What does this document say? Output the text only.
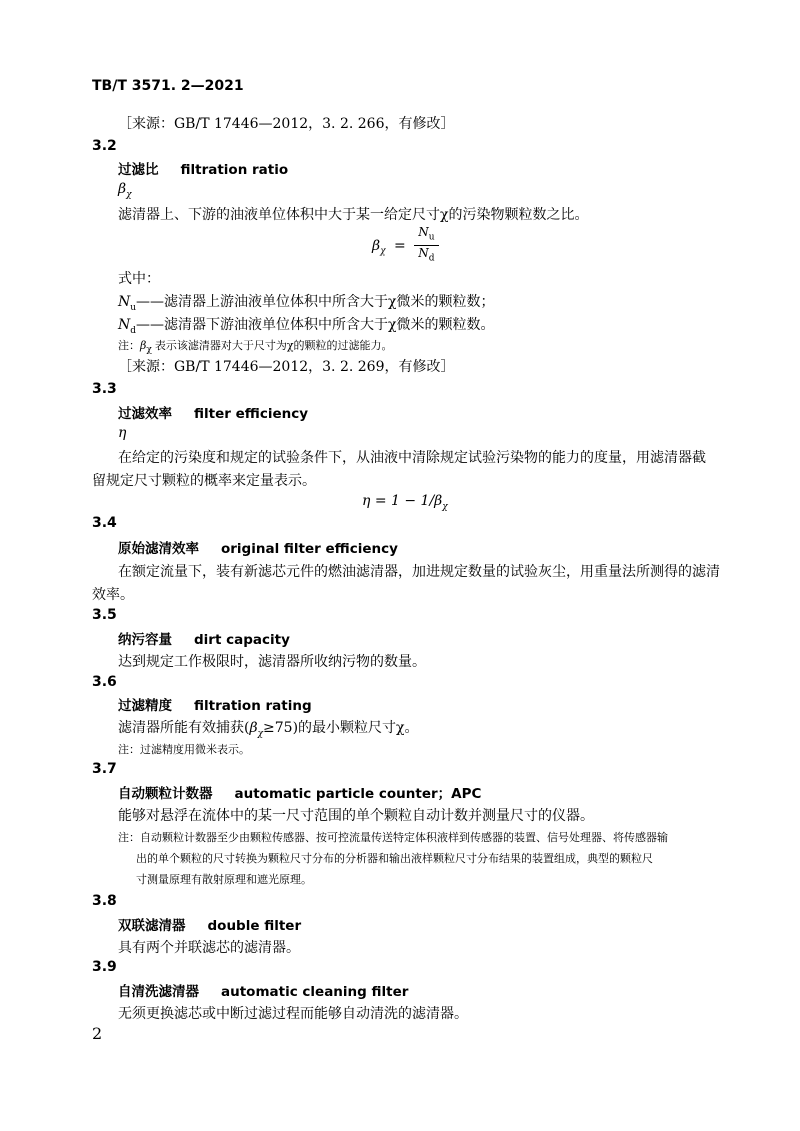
TB/T 3571. 2—2021
［来源：GB/T 17446—2012，3. 2. 266，有修改］
3.2
过滤比 filtration ratio
$\beta_\chi$
滤清器上、下游的油液单位体积中大于某一给定尺寸χ的污染物颗粒数之比。
$\beta_\chi = \frac{N_u}{N_d}$
式中：
$N_u——$滤清器上游油液单位体积中所含大于χ微米的颗粒数；
$N_d——$滤清器下游油液单位体积中所含大于χ微米的颗粒数。
注：$\beta_\chi$ 表示该滤清器对大于尺寸为χ的颗粒的过滤能力。
［来源：GB/T 17446—2012，3. 2. 269，有修改］
3.3
过滤效率 filter efficiency
η
在给定的污染度和规定的试验条件下，从油液中清除规定试验污染物的能力的度量，用滤清器截
留规定尺寸颗粒的概率来定量表示。
$\eta = 1 - 1/\beta_\chi$
3.4
原始滤清效率 original filter efficiency
在额定流量下，装有新滤芯元件的燃油滤清器，加进规定数量的试验灰尘，用重量法所测得的滤清
效率。
3.5
纳污容量 dirt capacity
达到规定工作极限时，滤清器所收纳污物的数量。
3.6
过滤精度 filtration rating
滤清器所能有效捕获$(\beta_\chi\ge 75)$的最小颗粒尺寸χ。
注：过滤精度用微米表示。
3.7
自动颗粒计数器 automatic particle counter；APC
能够对悬浮在流体中的某一尺寸范围的单个颗粒自动计数并测量尺寸的仪器。
注：自动颗粒计数器至少由颗粒传感器、按可控流量传送特定体积液样到传感器的装置、信号处理器、将传感器输
出的单个颗粒的尺寸转换为颗粒尺寸分布的分析器和输出液样颗粒尺寸分布结果的装置组成，典型的颗粒尺
寸测量原理有散射原理和遮光原理。
3.8
双联滤清器 double filter
具有两个并联滤芯的滤清器。
3.9
自清洗滤清器 automatic cleaning filter
无须更换滤芯或中断过滤过程而能够自动清洗的滤清器。
2
